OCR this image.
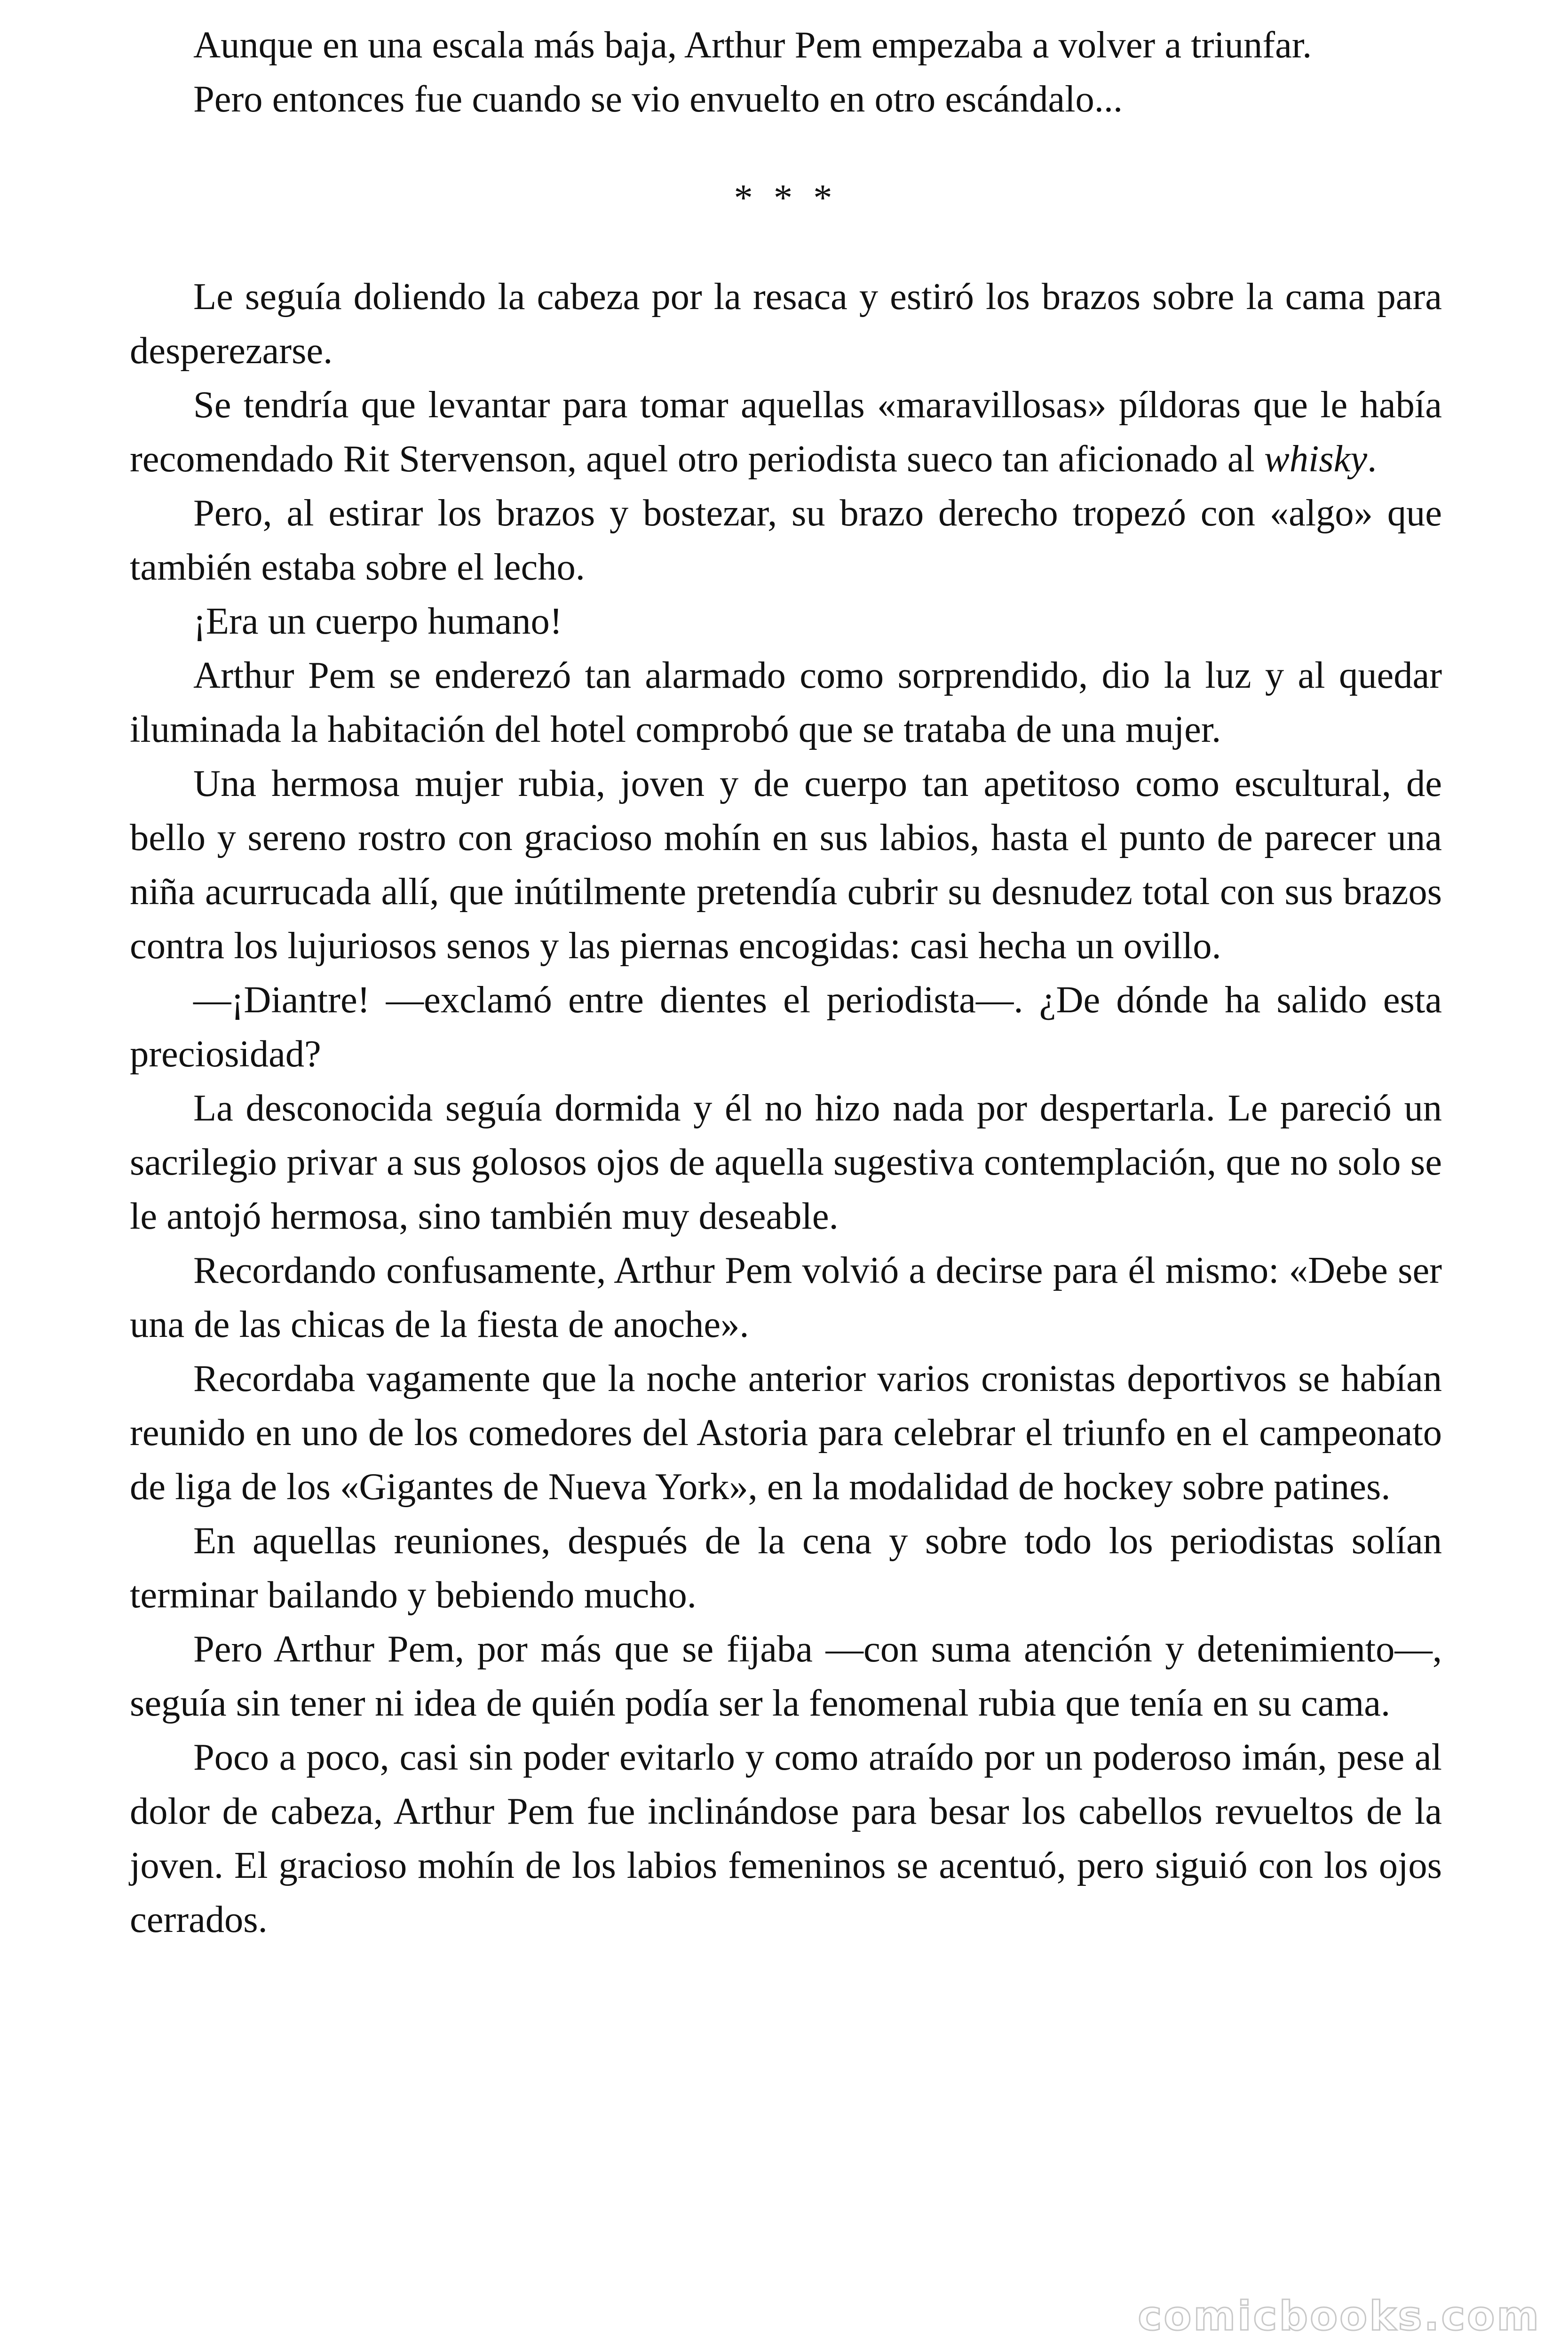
Aunque en una escala más baja, Arthur Pem empezaba a volver a triunfar.

Pero entonces fue cuando se vio envuelto en otro escándalo...

* * *

Le seguía doliendo la cabeza por la resaca y estiró los brazos sobre la cama para desperezarse.

Se tendría que levantar para tomar aquellas «maravillosas» píldoras que le había recomendado Rit Stervenson, aquel otro periodista sueco tan aficionado al whisky.

Pero, al estirar los brazos y bostezar, su brazo derecho tropezó con «algo» que también estaba sobre el lecho.

¡Era un cuerpo humano!

Arthur Pem se enderezó tan alarmado como sorprendido, dio la luz y al quedar iluminada la habitación del hotel comprobó que se trataba de una mujer.

Una hermosa mujer rubia, joven y de cuerpo tan apetitoso como escultural, de bello y sereno rostro con gracioso mohín en sus labios, hasta el punto de parecer una niña acurrucada allí, que inútilmente pretendía cubrir su desnudez total con sus brazos contra los lujuriosos senos y las piernas encogidas: casi hecha un ovillo.

—¡Diantre! —exclamó entre dientes el periodista—. ¿De dónde ha salido esta preciosidad?

La desconocida seguía dormida y él no hizo nada por despertarla. Le pareció un sacrilegio privar a sus golosos ojos de aquella sugestiva contemplación, que no solo se le antojó hermosa, sino también muy deseable.

Recordando confusamente, Arthur Pem volvió a decirse para él mismo: «Debe ser una de las chicas de la fiesta de anoche».

Recordaba vagamente que la noche anterior varios cronistas deportivos se habían reunido en uno de los comedores del Astoria para celebrar el triunfo en el campeonato de liga de los «Gigantes de Nueva York», en la modalidad de hockey sobre patines.

En aquellas reuniones, después de la cena y sobre todo los periodistas solían terminar bailando y bebiendo mucho.

Pero Arthur Pem, por más que se fijaba —con suma atención y detenimiento—, seguía sin tener ni idea de quién podía ser la fenomenal rubia que tenía en su cama.

Poco a poco, casi sin poder evitarlo y como atraído por un poderoso imán, pese al dolor de cabeza, Arthur Pem fue inclinándose para besar los cabellos revueltos de la joven. El gracioso mohín de los labios femeninos se acentuó, pero siguió con los ojos cerrados.

comicbooks.com
